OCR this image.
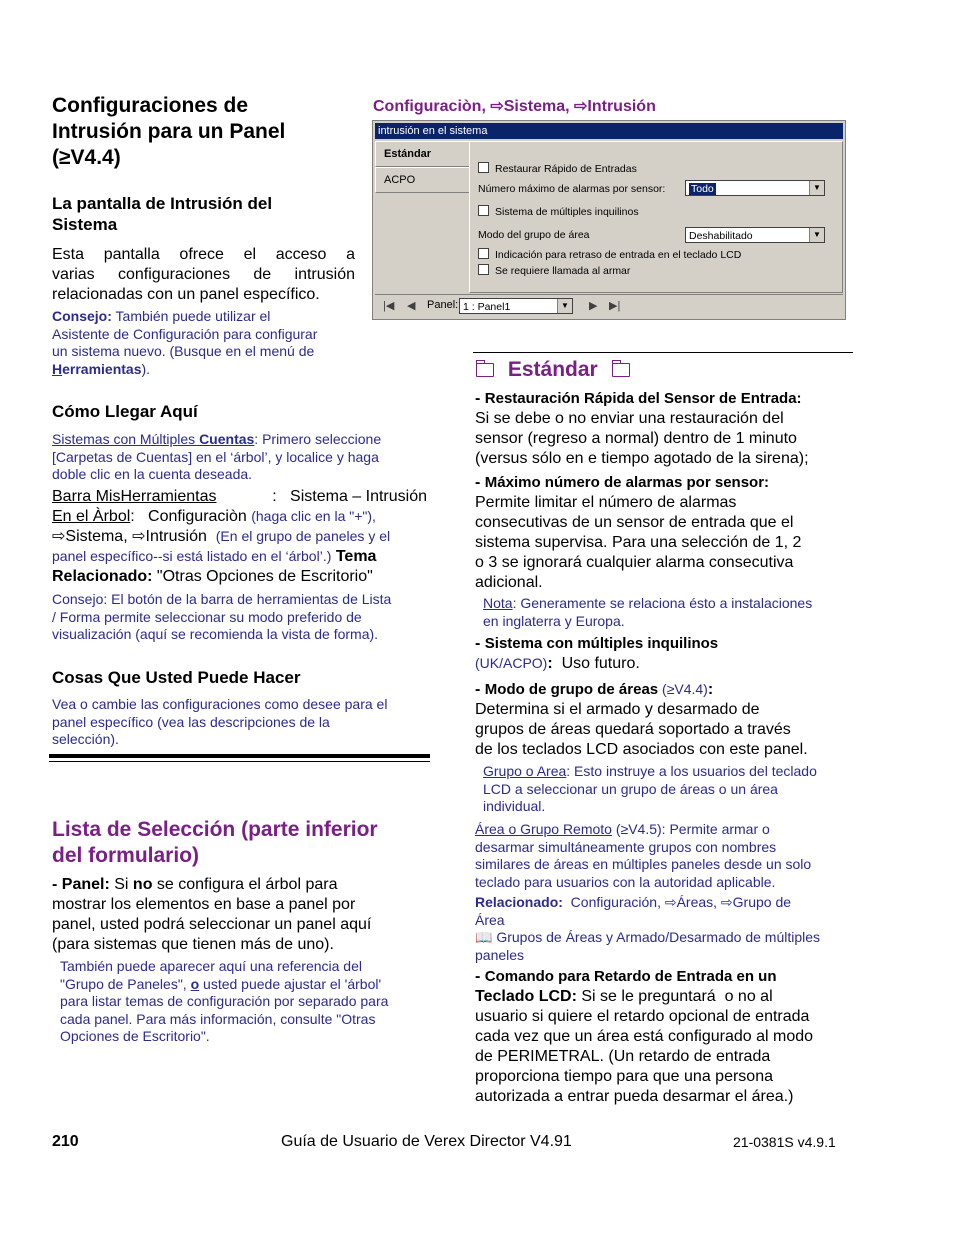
Configuraciones de
Intrusión para un Panel
(≥V4.4)
La pantalla de Intrusión del
Sistema
Esta pantalla ofrece el acceso a
varias configuraciones de intrusión
relacionadas con un panel específico.
Consejo: También puede utilizar el
Asistente de Configuración para configurar
un sistema nuevo. (Busque en el menú de
Herramientas).
Cómo Llegar Aquí
Sistemas con Múltiples Cuentas: Primero seleccione
[Carpetas de Cuentas] en el ‘árbol’, y localice y haga
doble clic en la cuenta deseada.
Barra MisHerramientas	:   Sistema – Intrusión
En el Àrbol:   Configuraciòn (haga clic en la "+"),
⇨Sistema, ⇨Intrusión  (En el grupo de paneles y el
panel específico--si está listado en el ‘árbol’.) Tema
Relacionado: "Otras Opciones de Escritorio"
Consejo: El botón de la barra de herramientas de Lista
/ Forma permite seleccionar su modo preferido de
visualización (aquí se recomienda la vista de forma).
Cosas Que Usted Puede Hacer
Vea o cambie las configuraciones como desee para el
panel específico (vea las descripciones de la
selección).
Lista de Selección (parte inferior
del formulario)
- Panel: Si no se configura el árbol para
mostrar los elementos en base a panel por
panel, usted podrá seleccionar un panel aquí
(para sistemas que tienen más de uno).
También puede aparecer aquí una referencia del
"Grupo de Paneles", o usted puede ajustar el 'árbol'
para listar temas de configuración por separado para
cada panel. Para más información, consulte "Otras
Opciones de Escritorio".
Configuraciòn, ⇨Sistema, ⇨Intrusión
intrusión en el sistema
Estándar
ACPO
Restaurar Rápido de Entradas
Número máximo de alarmas por sensor:	Todo	▼
Sistema de múltiples inquilinos
Modo del grupo de área	Deshabilitado	▼
Indicación para retraso de entrada en el teclado LCD
Se requiere llamada al armar
|◀ ◀ Panel: 1 : Panel1	▼ ▶ ▶|
Estándar
- Restauración Rápida del Sensor de Entrada:
Si se debe o no enviar una restauración del
sensor (regreso a normal) dentro de 1 minuto
(versus sólo en e tiempo agotado de la sirena);
- Máximo número de alarmas por sensor:
Permite limitar el número de alarmas
consecutivas de un sensor de entrada que el
sistema supervisa. Para una selección de 1, 2
o 3 se ignorará cualquier alarma consecutiva
adicional.
Nota: Generamente se relaciona ésto a instalaciones
en inglaterra y Europa.
- Sistema con múltiples inquilinos
(UK/ACPO):  Uso futuro.
- Modo de grupo de áreas (≥V4.4):
Determina si el armado y desarmado de
grupos de áreas quedará soportado a través
de los teclados LCD asociados con este panel.
Grupo o Area: Esto instruye a los usuarios del teclado
LCD a seleccionar un grupo de áreas o un área
individual.
Área o Grupo Remoto (≥V4.5): Permite armar o
desarmar simultáneamente grupos con nombres
similares de áreas en múltiples paneles desde un solo
teclado para usuarios con la autoridad aplicable.
Relacionado:  Configuración, ⇨Áreas, ⇨Grupo de
Área
📖 Grupos de Áreas y Armado/Desarmado de múltiples
paneles
- Comando para Retardo de Entrada en un
Teclado LCD: Si se le preguntará  o no al
usuario si quiere el retardo opcional de entrada
cada vez que un área está configurado al modo
de PERIMETRAL. (Un retardo de entrada
proporciona tiempo para que una persona
autorizada a entrar pueda desarmar el área.)
210	Guía de Usuario de Verex Director V4.91	21-0381S v4.9.1
